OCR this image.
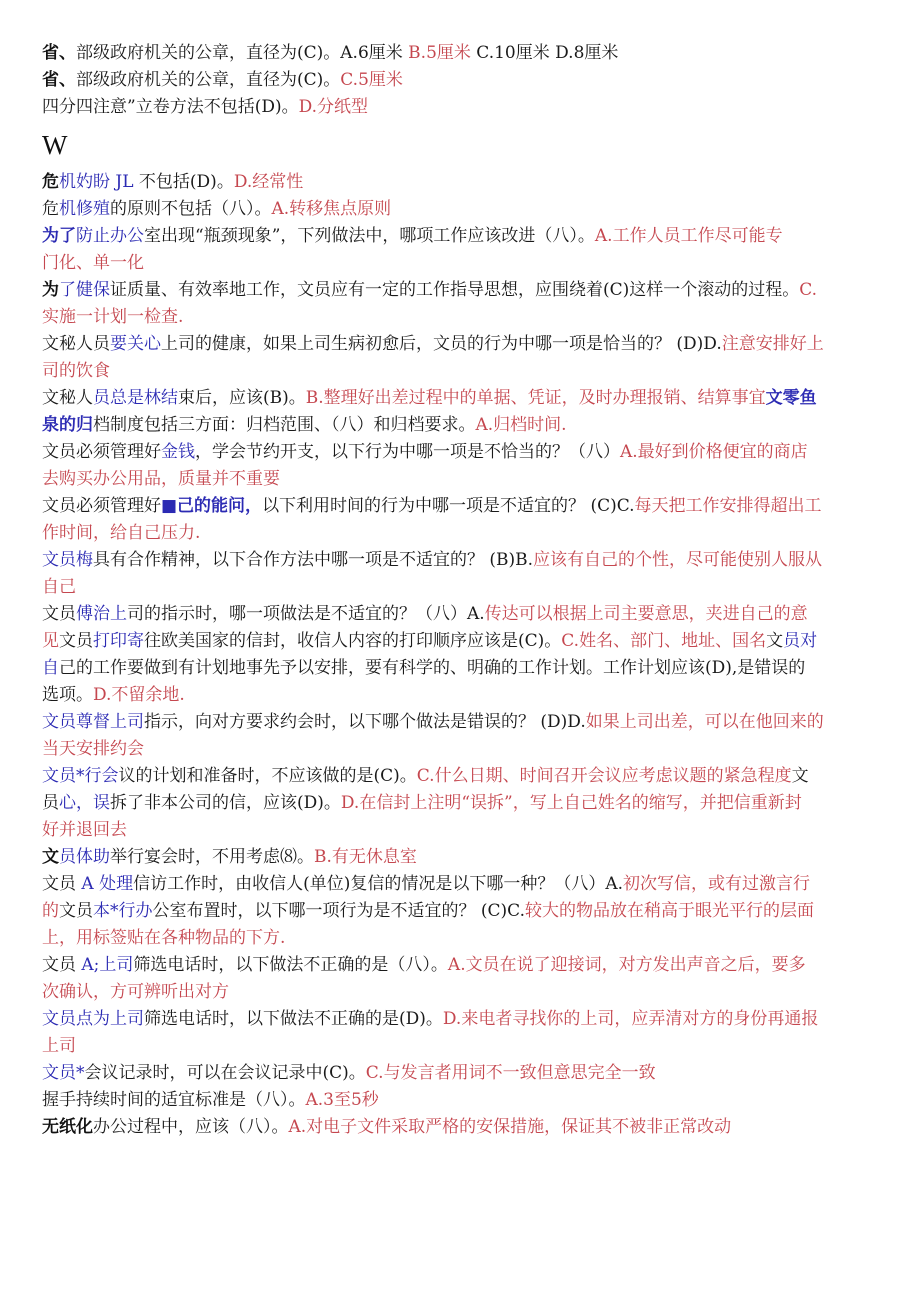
省、部级政府机关的公章，直径为(C)。A.6厘米 B.5厘米 C.10厘米 D.8厘米
省、部级政府机关的公章，直径为(C)。C.5厘米
四分四注意”立卷方法不包括(D)。D.分纸型
W
危机妁盼 JL 不包括(D)。D.经常性
危机修殖的原则不包括（八）。A.转移焦点原则
为了防止办公室出现“瓶颈现象”，下列做法中，哪项工作应该改进（八）。A.工作人员工作尽可能专
门化、单一化
为了健保证质量、有效率地工作，文员应有一定的工作指导思想，应围绕着(C)这样一个滚动的过程。C.
实施一计划一检查.
文秘人员要关心上司的健康，如果上司生病初愈后，文员的行为中哪一项是恰当的？ (D)D.注意安排好上
司的饮食
文秘人员总是林结束后，应该(B)。B.整理好出差过程中的单据、凭证，及时办理报销、结算事宜文零鱼
泉的归档制度包括三方面：归档范围、（八）和归档要求。A.归档时间.
文员必须管理好金钱，学会节约开支，以下行为中哪一项是不恰当的？（八）A.最好到价格便宜的商店
去购买办公用品，质量并不重要
文员必须管理好■己的能问，以下利用时间的行为中哪一项是不适宜的？ (C)C.每天把工作安排得超出工
作时间，给自己压力.
文员梅具有合作精神，以下合作方法中哪一项是不适宜的？ (B)B.应该有自己的个性，尽可能使别人服从
自己
文员傅治上司的指示时，哪一项做法是不适宜的？（八）A.传达可以根据上司主要意思，夹进自己的意
见文员打印寄往欧美国家的信封，收信人内容的打印顺序应该是(C)。C.姓名、部门、地址、国名文员对
自己的工作要做到有计划地事先予以安排，要有科学的、明确的工作计划。工作计划应该(D),是错误的
选项。D.不留余地.
文员尊督上司指示，向对方要求约会时，以下哪个做法是错误的？ (D)D.如果上司出差，可以在他回来的
当天安排约会
文员*行会议的计划和准备时，不应该做的是(C)。C.什么日期、时间召开会议应考虑议题的紧急程度文
员心，误拆了非本公司的信，应该(D)。D.在信封上注明“误拆”，写上自己姓名的缩写，并把信重新封
好并退回去
文员体助举行宴会时，不用考虑⑻。B.有无休息室
文员 A 处理信访工作时，由收信人(单位)复信的情况是以下哪一种？（八）A.初次写信，或有过激言行
的文员本*行办公室布置时，以下哪一项行为是不适宜的？ (C)C.较大的物品放在稍高于眼光平行的层面
上，用标签贴在各种物品的下方.
文员 A;上司筛选电话时，以下做法不正确的是（八）。A.文员在说了迎接词，对方发出声音之后，要多
次确认，方可辨听出对方
文员点为上司筛选电话时，以下做法不正确的是(D)。D.来电者寻找你的上司，应弄清对方的身份再通报
上司
文员*会议记录时，可以在会议记录中(C)。C.与发言者用词不一致但意思完全一致
握手持续时间的适宜标准是（八）。A.3至5秒
无纸化办公过程中，应该（八）。A.对电子文件采取严格的安保措施，保证其不被非正常改动
